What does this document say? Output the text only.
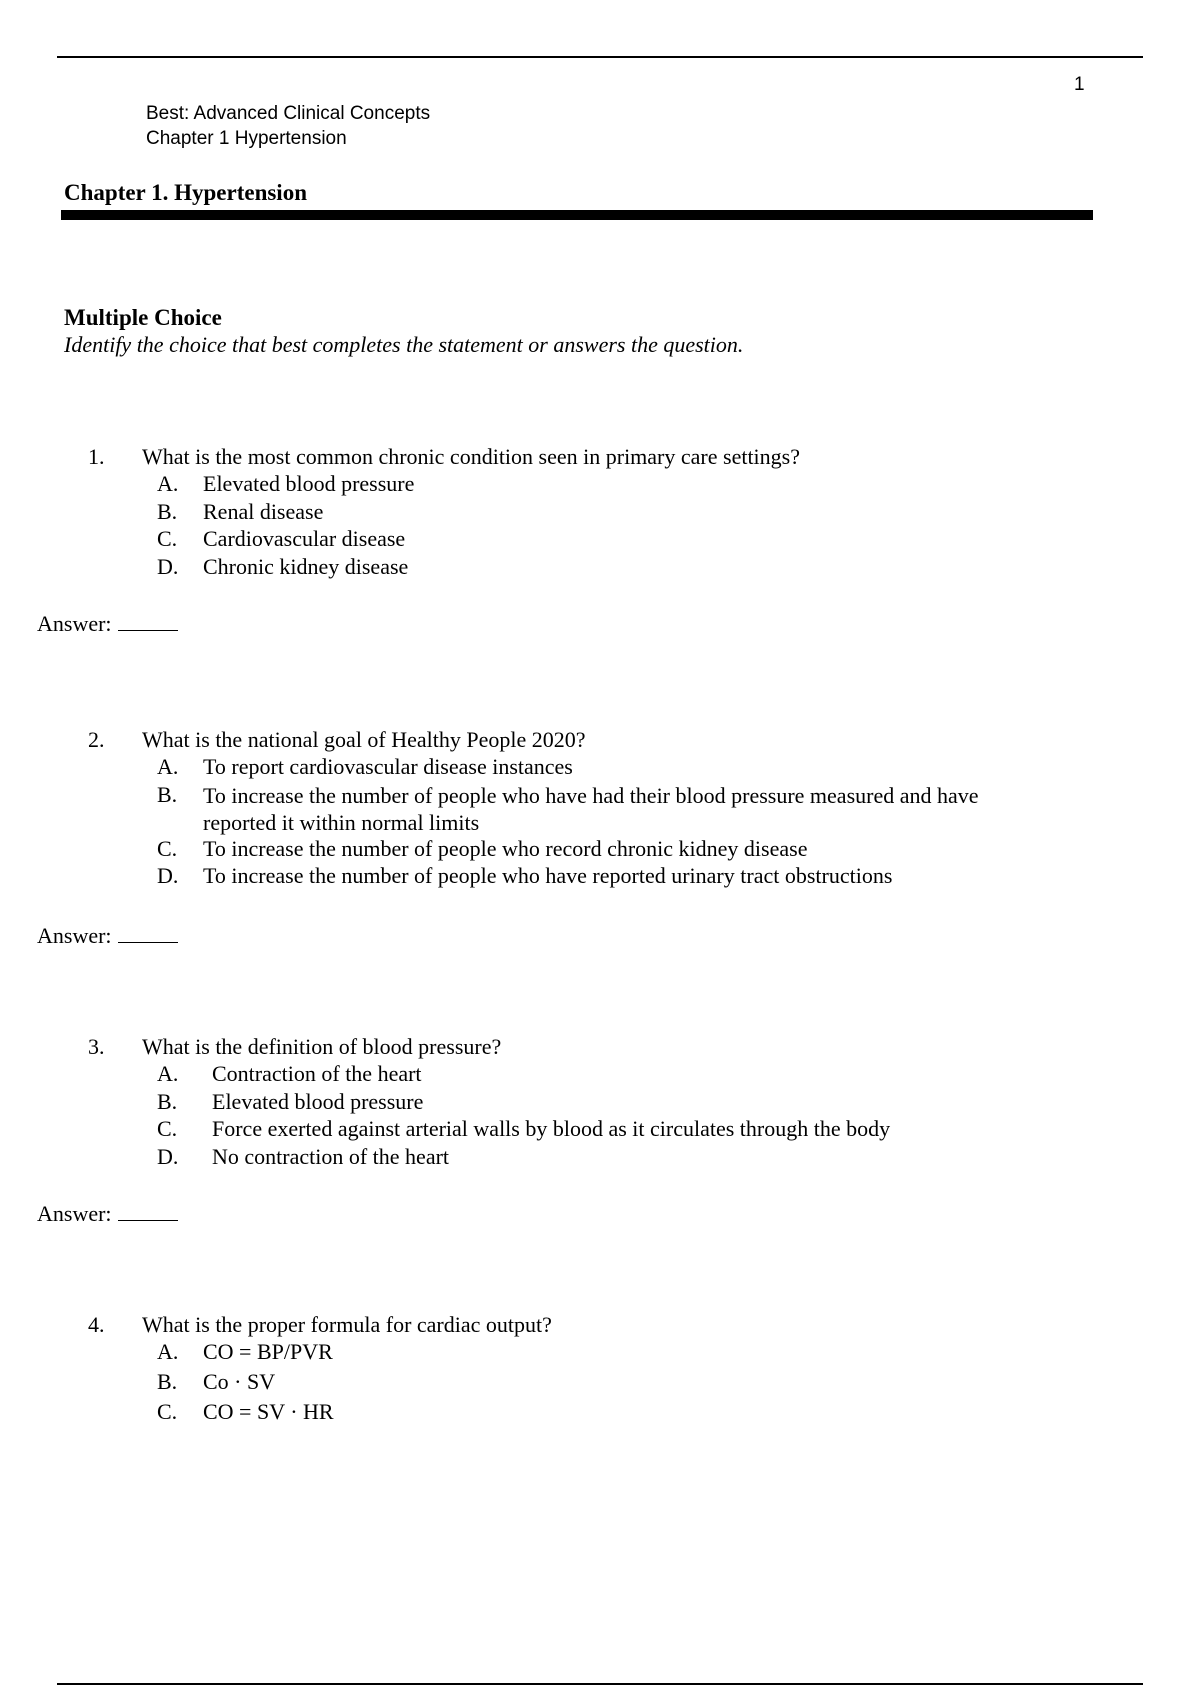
1
Best: Advanced Clinical Concepts
Chapter 1 Hypertension
Chapter 1. Hypertension
Multiple Choice
Identify the choice that best completes the statement or answers the question.
1. What is the most common chronic condition seen in primary care settings?
A. Elevated blood pressure
B. Renal disease
C. Cardiovascular disease
D. Chronic kidney disease
Answer:
2. What is the national goal of Healthy People 2020?
A. To report cardiovascular disease instances
B. To increase the number of people who have had their blood pressure measured and have reported it within normal limits
C. To increase the number of people who record chronic kidney disease
D. To increase the number of people who have reported urinary tract obstructions
Answer:
3. What is the definition of blood pressure?
A. Contraction of the heart
B. Elevated blood pressure
C. Force exerted against arterial walls by blood as it circulates through the body
D. No contraction of the heart
Answer:
4. What is the proper formula for cardiac output?
A. CO = BP/PVR
B. Co · SV
C. CO = SV · HR
